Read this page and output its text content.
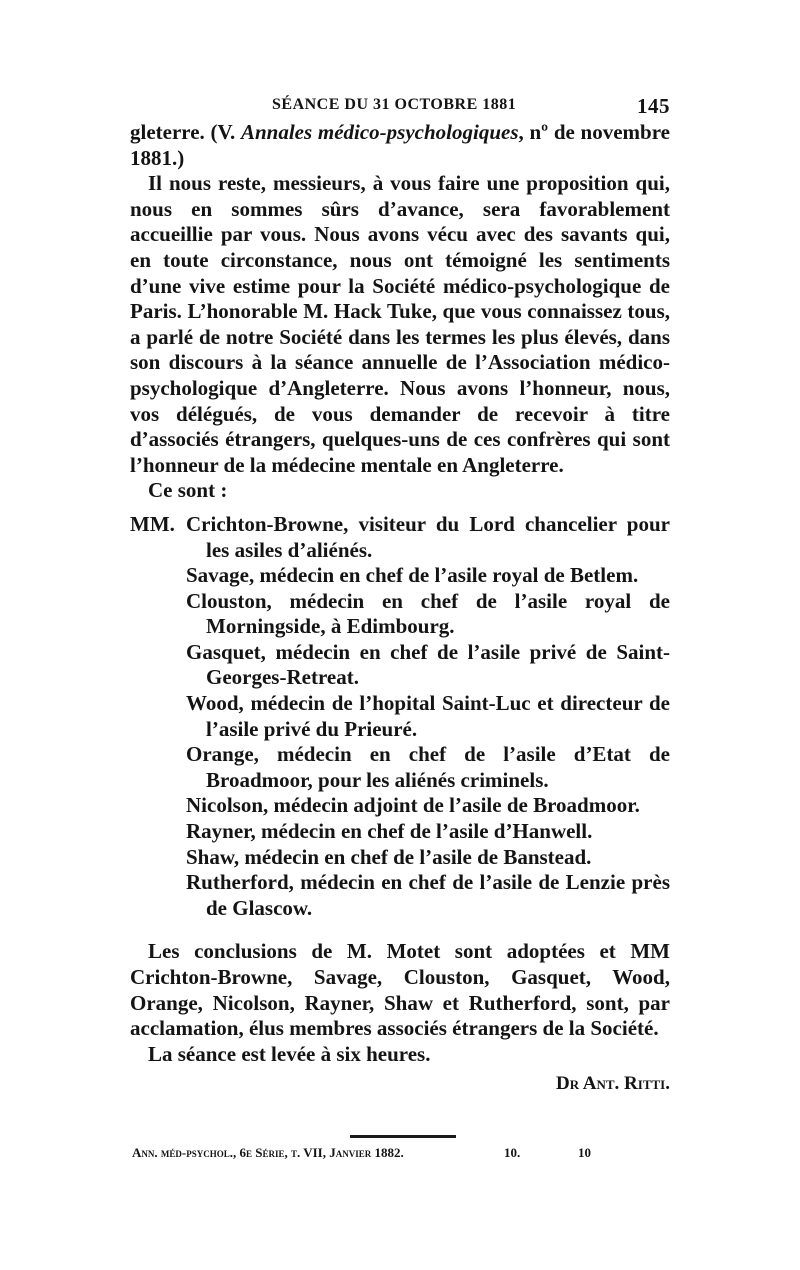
SÉANCE DU 31 OCTOBRE 1881	145

gleterre. (V. Annales médico-psychologiques, nº de novembre 1881.)

Il nous reste, messieurs, à vous faire une proposition qui, nous en sommes sûrs d’avance, sera favorablement accueillie par vous. Nous avons vécu avec des savants qui, en toute circonstance, nous ont témoigné les sentiments d’une vive estime pour la Société médico-psychologique de Paris. L’honorable M. Hack Tuke, que vous connaissez tous, a parlé de notre Société dans les termes les plus élevés, dans son discours à la séance annuelle de l’Association médico-psychologique d’Angleterre. Nous avons l’honneur, nous, vos délégués, de vous demander de recevoir à titre d’associés étrangers, quelques-uns de ces confrères qui sont l’honneur de la médecine mentale en Angleterre.

Ce sont :

MM. Crichton-Browne, visiteur du Lord chancelier pour les asiles d’aliénés.
Savage, médecin en chef de l’asile royal de Betlem.
Clouston, médecin en chef de l’asile royal de Morningside, à Edimbourg.
Gasquet, médecin en chef de l’asile privé de Saint-Georges-Retreat.
Wood, médecin de l’hopital Saint-Luc et directeur de l’asile privé du Prieuré.
Orange, médecin en chef de l’asile d’Etat de Broadmoor, pour les aliénés criminels.
Nicolson, médecin adjoint de l’asile de Broadmoor.
Rayner, médecin en chef de l’asile d’Hanwell.
Shaw, médecin en chef de l’asile de Banstead.
Rutherford, médecin en chef de l’asile de Lenzie près de Glascow.

Les conclusions de M. Motet sont adoptées et MM Crichton-Browne, Savage, Clouston, Gasquet, Wood, Orange, Nicolson, Rayner, Shaw et Rutherford, sont, par acclamation, élus membres associés étrangers de la Société.

La séance est levée à six heures.

Dr Ant. Ritti.

Ann. méd-psychol., 6e Série, t. VII, Janvier 1882.	10.	10
